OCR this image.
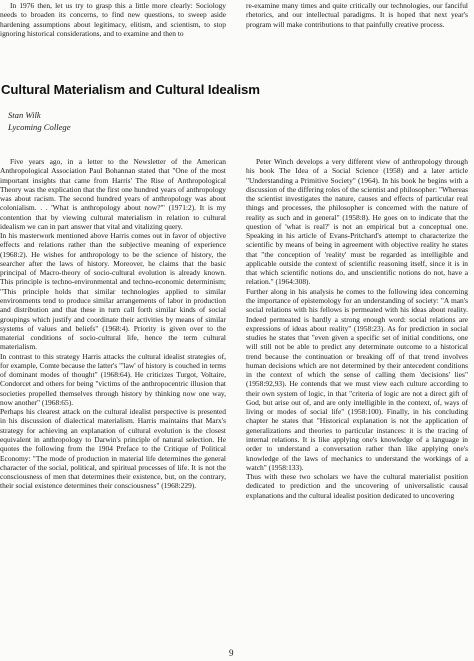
In 1976 then, let us try to grasp this a little more clearly: Sociology needs to broaden its concerns, to find new questions, to sweep aside hardening assumptions about legitimacy, elitism, and scientism, to stop ignoring historical considerations, and to examine and then to

re-examine many times and quite critically our technologies, our fanciful rhetorics, and our intellectual paradigms. It is hoped that next year's program will make contributions to that painfully creative process.

Cultural Materialism and Cultural Idealism

Stan Wilk

Lycoming College

Five years ago, in a letter to the Newsletter of the American Anthropological Association Paul Bohannan stated that "One of the most important insights that came from Harris' The Rise of Anthropological Theory was the explication that the first one hundred years of anthropology was about racism. The second hundred years of anthropology was about colonialism. . . 'What is anthropology about now?'" (1971:2). It is my contention that by viewing cultural materialism in relation to cultural idealism we can in part answer that vital and vitalizing query.

In his masterwork mentioned above Harris comes out in favor of objective effects and relations rather than the subjective meaning of experience (1968:2). He wishes for anthropology to be the science of history, the searcher after the laws of history. Moreover, he claims that the basic principal of Macro-theory of socio-cultural evolution is already known. This principle is techno-environmental and techno-economic determinism; "This principle holds that similar technologies applied to similar environments tend to produce similar arrangements of labor in production and distribution and that these in turn call forth similar kinds of social groupings which justify and coordinate their activities by means of similar systems of values and beliefs" (1968:4). Priority is given over to the material conditions of socio-cultural life, hence the term cultural materialism.

In contrast to this strategy Harris attacks the cultural idealist strategies of, for example, Comte because the latter's "'law' of history is couched in terms of dominant modes of thought" (1968:64). He criticizes Turgot, Voltaire, Condorcet and others for being "victims of the anthropocentric illusion that societies propelled themselves through history by thinking now one way, now another" (1968:65).

Perhaps his clearest attack on the cultural idealist perspective is presented in his discussion of dialectical materialism. Harris maintains that Marx's strategy for achieving an explanation of cultural evolution is the closest equivalent in anthropology to Darwin's principle of natural selection. He quotes the following from the 1904 Preface to the Critique of Political Economy: "The mode of production in material life determines the general character of the social, political, and spiritual processes of life. It is not the consciousness of men that determines their existence, but, on the contrary, their social existence determines their consciousness" (1968:229).

Peter Winch develops a very different view of anthropology through his book The Idea of a Social Science (1958) and a later article "Understanding a Primitive Society" (1964). In his book he begins with a discussion of the differing roles of the scientist and philosopher: "Whereas the scientist investigates the nature, causes and effects of particular real things and processes, the philosopher is concerned with the nature of reality as such and in general" (1958:8). He goes on to indicate that the question of 'what is real?' is not an empirical but a conceptual one. Speaking in his article of Evans-Pritchard's attempt to characterize the scientific by means of being in agreement with objective reality he states that "the conception of 'reality' must be regarded as intelligible and applicable outside the context of scientific reasoning itself, since it is in that which scientific notions do, and unscientific notions do not, have a relation." (1964:308).

Further along in his analysis he comes to the following idea concerning the importance of epistemology for an understanding of society: "A man's social relations with his fellows is permeated with his ideas about reality. Indeed permeated is hardly a strong enough word: social relations are expressions of ideas about reality" (1958:23). As for prediction in social studies he states that "even given a specific set of initial conditions, one will still not be able to predict any determinate outcome to a historical trend because the continuation or breaking off of that trend involves human decisions which are not determined by their antecedent conditions in the context of which the sense of calling them 'decisions' lies" (1958:92,93). He contends that we must view each culture according to their own system of logic, in that "criteria of logic are not a direct gift of God, but arise out of, and are only intelligible in the context, of, ways of living or modes of social life" (1958:100). Finally, in his concluding chapter he states that "Historical explanation is not the application of generalizations and theories to particular instances: it is the tracing of internal relations. It is like applying one's knowledge of a language in order to understand a conversation rather than like applying one's knowledge of the laws of mechanics to understand the workings of a watch" (1958:133).

Thus with these two scholars we have the cultural materialist position dedicated to prediction and the uncovering of universalistic causal explanations and the cultural idealist position dedicated to uncovering

9
